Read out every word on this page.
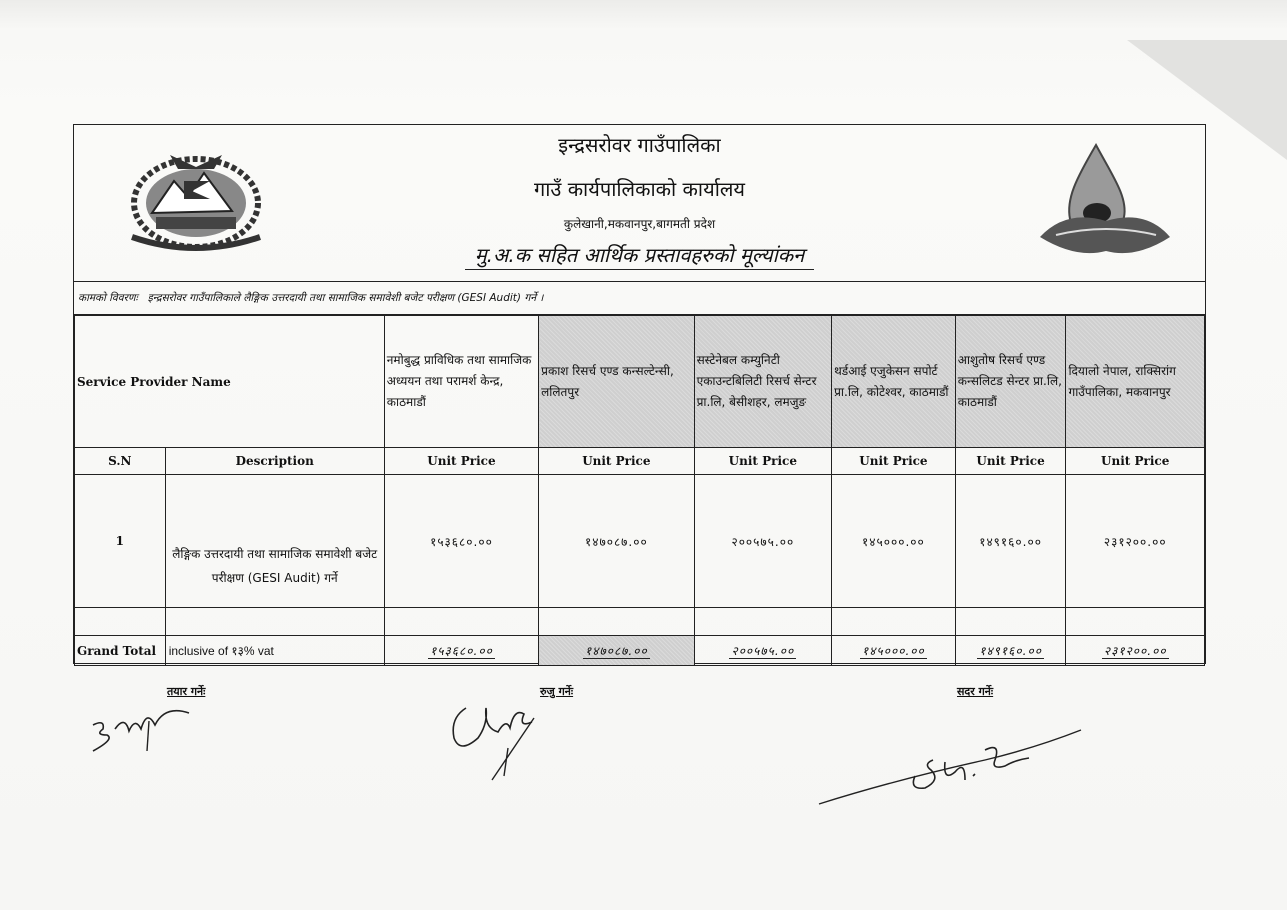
इन्द्रसरोवर गाउँपालिका
गाउँ कार्यपालिकाको कार्यालय
कुलेखानी,मकवानपुर,बागमती प्रदेश
मु.अ.क सहित आर्थिक प्रस्तावहरुको मूल्यांकन
कामको विवरणः इन्द्रसरोवर गाउँपालिकाले लैङ्गिक उत्तरदायी तथा सामाजिक समावेशी बजेट परीक्षण (GESI Audit) गर्ने ।
Service Provider Name		नमोबुद्ध प्राविधिक तथा सामाजिक अध्ययन तथा परामर्श केन्द्र, काठमाडौं	प्रकाश रिसर्च एण्ड कन्सल्टेन्सी, ललितपुर	सस्टेनेबल कम्युनिटी एकाउन्टबिलिटी रिसर्च सेन्टर प्रा.लि, बेसीशहर, लमजुङ	थर्डआई एजुकेसन सपोर्ट प्रा.लि, कोटेश्वर, काठमाडौं	आशुतोष रिसर्च एण्ड कन्सलिटड सेन्टर प्रा.लि, काठमाडौं	दियालो नेपाल, राक्सिरांग गाउँपालिका, मकवानपुर
S.N	Description	Unit Price	Unit Price	Unit Price	Unit Price	Unit Price	Unit Price
1	लैङ्गिक उत्तरदायी तथा सामाजिक समावेशी बजेट परीक्षण (GESI Audit) गर्ने	१५३६८०.००	१४७०८७.००	२००५७५.००	१४५०००.००	१४९१६०.००	२३१२००.००

Grand Total	inclusive of १३% vat	१५३६८०.००	१४७०८७.००	२००५७५.००	१४५०००.००	१४९१६०.००	२३१२००.००
तयार गर्नेः	रुजु गर्नेः	सदर गर्नेः
